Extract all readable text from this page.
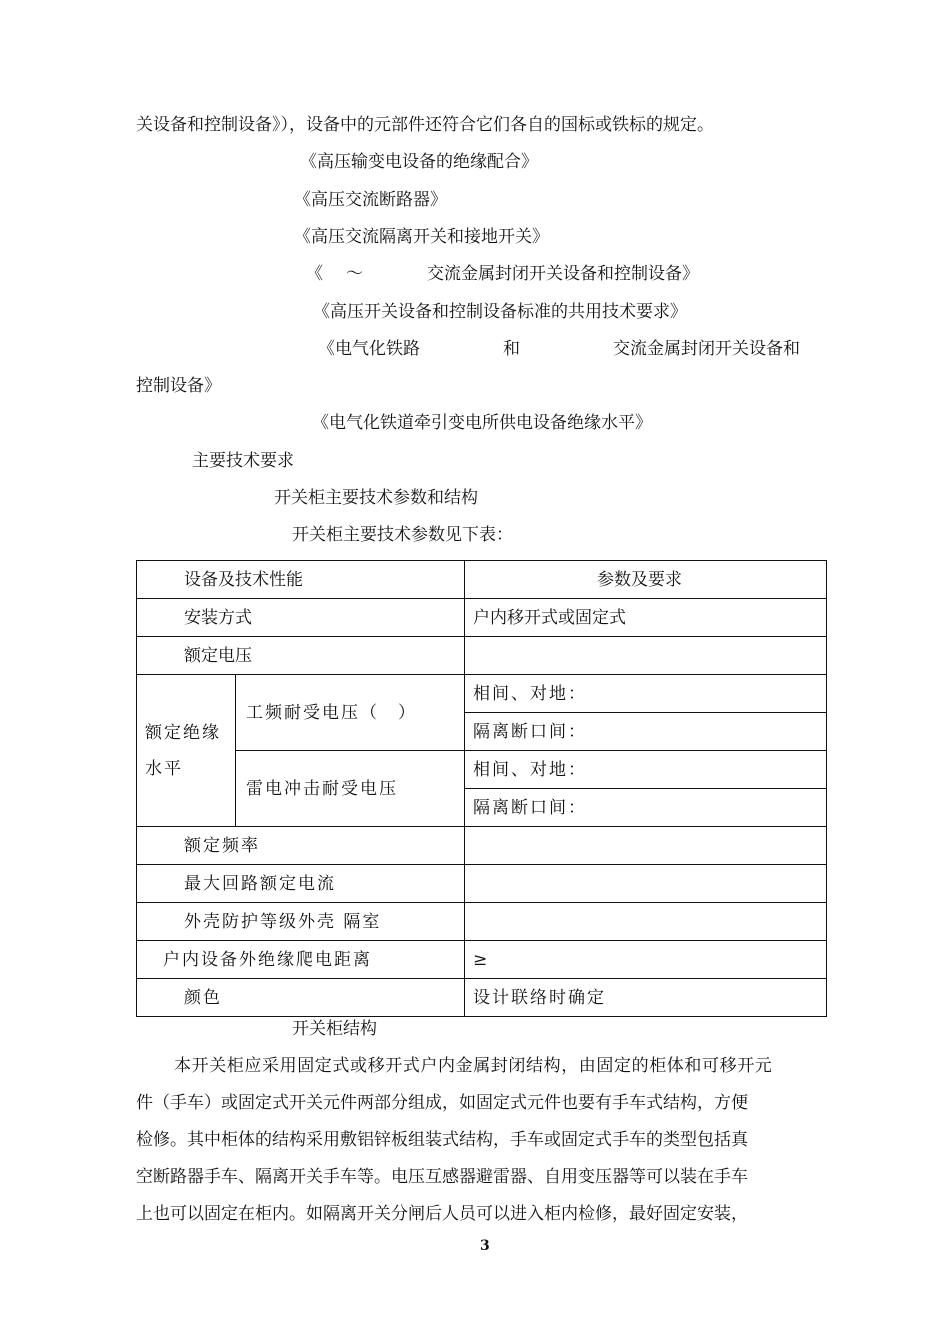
关设备和控制设备》），设备中的元部件还符合它们各自的国标或铁标的规定。
《高压输变电设备的绝缘配合》
《高压交流断路器》
《高压交流隔离开关和接地开关》
《 ～	交流金属封闭开关设备和控制设备》
《高压开关设备和控制设备标准的共用技术要求》
《电气化铁路	和	交流金属封闭开关设备和
控制设备》
《电气化铁道牵引变电所供电设备绝缘水平》
主要技术要求
开关柜主要技术参数和结构
开关柜主要技术参数见下表：
设备及技术性能		参数及要求
安装方式		户内移开式或固定式
额定电压		
额定绝缘水平	工频耐受电压（　）	相间、对地：
		隔离断口间：
	雷电冲击耐受电压	相间、对地：
		隔离断口间：
额定频率		
最大回路额定电流		
外壳防护等级外壳 隔室		
户内设备外绝缘爬电距离		≥
颜色		设计联络时确定
开关柜结构
本开关柜应采用固定式或移开式户内金属封闭结构，由固定的柜体和可移开元
件（手车）或固定式开关元件两部分组成，如固定式元件也要有手车式结构，方便
检修。其中柜体的结构采用敷铝锌板组装式结构，手车或固定式手车的类型包括真
空断路器手车、隔离开关手车等。电压互感器避雷器、自用变压器等可以装在手车
上也可以固定在柜内。如隔离开关分闸后人员可以进入柜内检修，最好固定安装，
3
